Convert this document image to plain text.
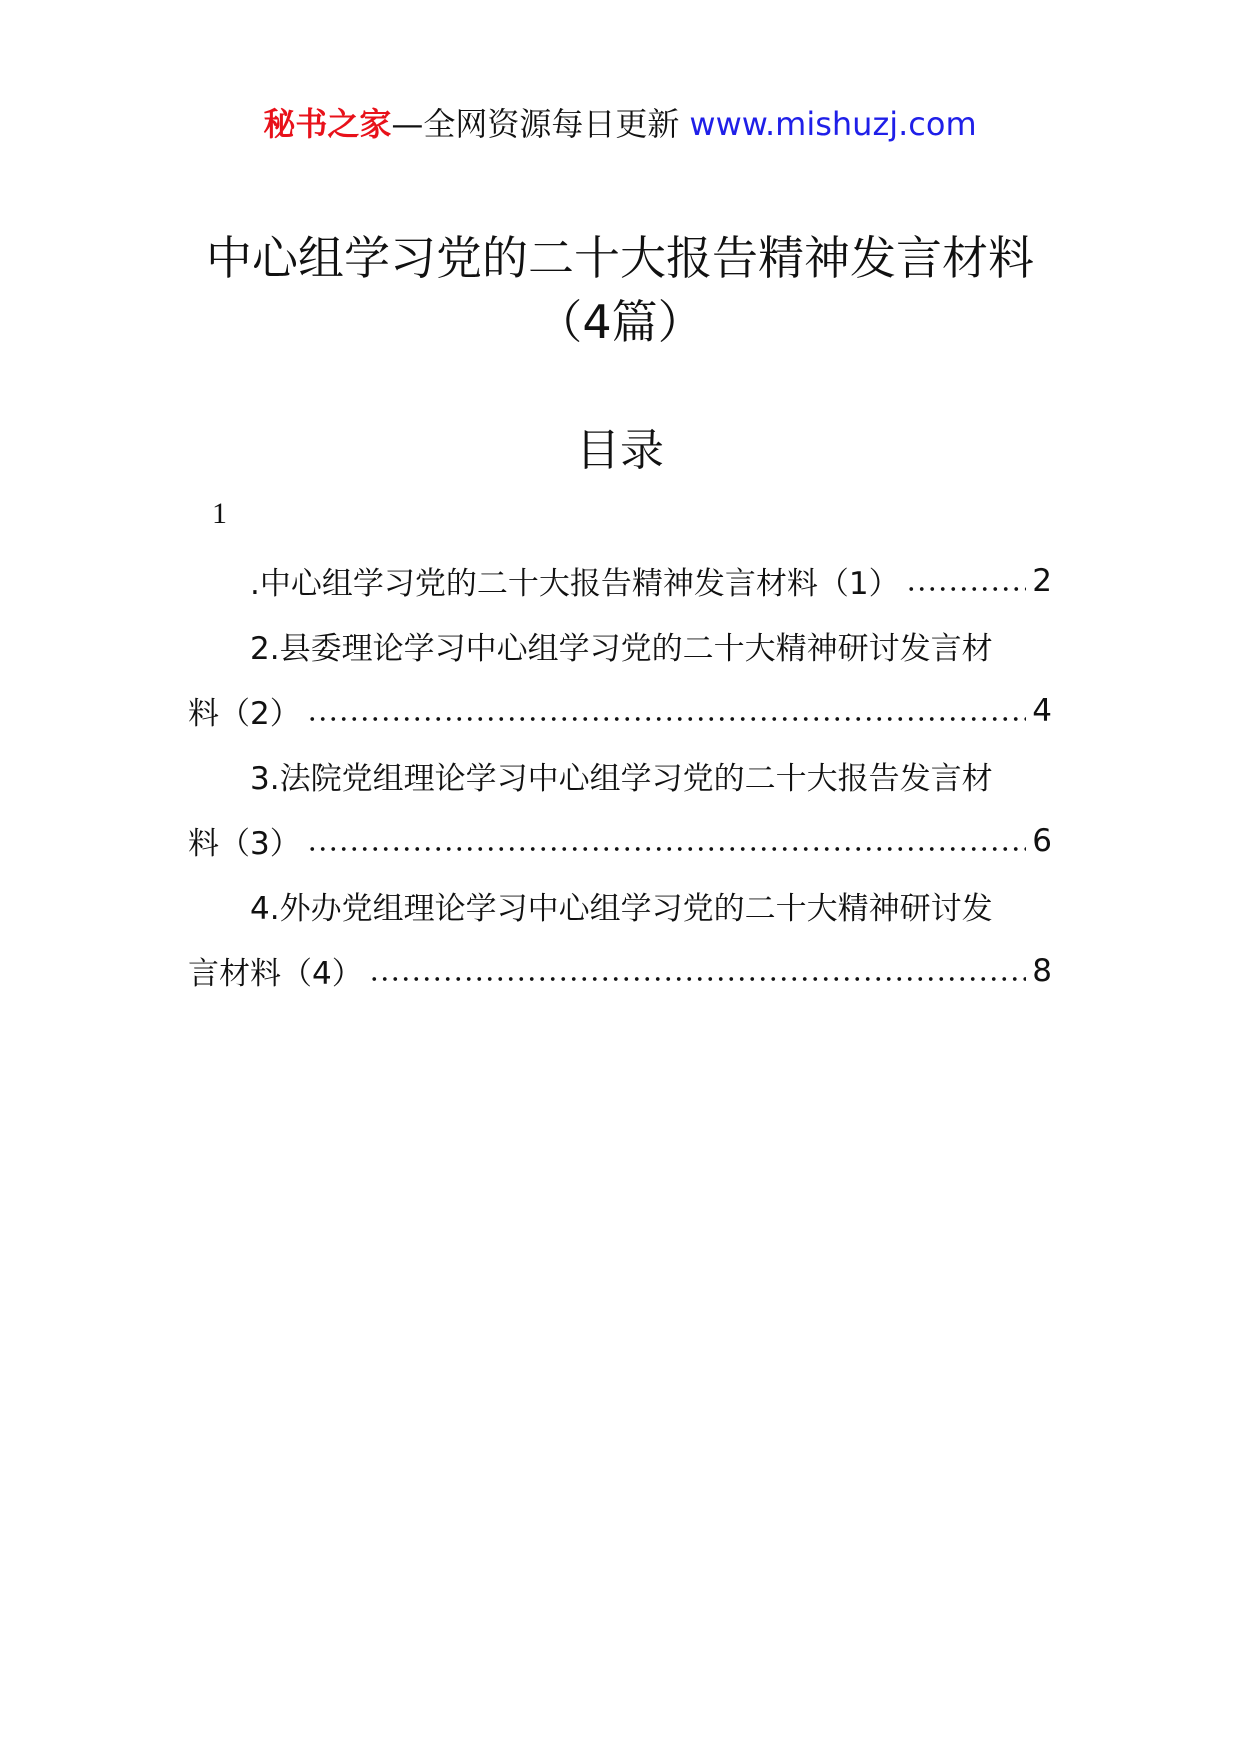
秘书之家—全网资源每日更新 www.mishuzj.com
中心组学习党的二十大报告精神发言材料
（4篇）
目录
1
.中心组学习党的二十大报告精神发言材料（1）	2
2.县委理论学习中心组学习党的二十大精神研讨发言材
料（2）	4
3.法院党组理论学习中心组学习党的二十大报告发言材
料（3）	6
4.外办党组理论学习中心组学习党的二十大精神研讨发
言材料（4）	8
